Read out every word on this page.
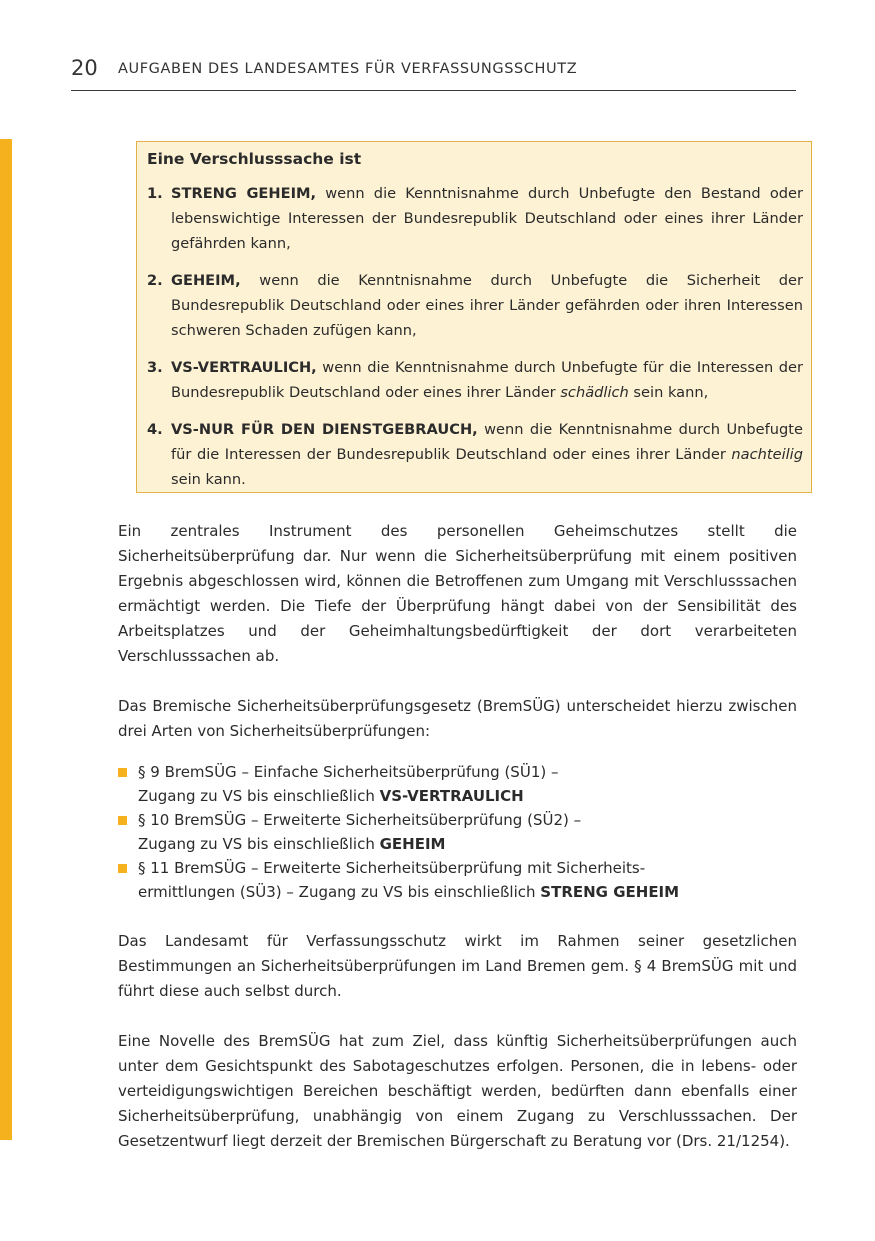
20 AUFGABEN DES LANDESAMTES FÜR VERFASSUNGSSCHUTZ

Eine Verschlusssache ist

1. STRENG GEHEIM, wenn die Kenntnisnahme durch Unbefugte den Bestand oder lebenswichtige Interessen der Bundesrepublik Deutschland oder eines ihrer Länder gefährden kann,
2. GEHEIM, wenn die Kenntnisnahme durch Unbefugte die Sicherheit der Bundesrepublik Deutschland oder eines ihrer Länder gefährden oder ihren Interessen schweren Schaden zufügen kann,
3. VS-VERTRAULICH, wenn die Kenntnisnahme durch Unbefugte für die Interessen der Bundesrepublik Deutschland oder eines ihrer Länder schädlich sein kann,
4. VS-NUR FÜR DEN DIENSTGEBRAUCH, wenn die Kenntnisnahme durch Unbefugte für die Interessen der Bundesrepublik Deutschland oder eines ihrer Länder nachteilig sein kann.

Ein zentrales Instrument des personellen Geheimschutzes stellt die Sicherheitsüberprüfung dar. Nur wenn die Sicherheitsüberprüfung mit einem positiven Ergebnis abgeschlossen wird, können die Betroffenen zum Umgang mit Verschlusssachen ermächtigt werden. Die Tiefe der Überprüfung hängt dabei von der Sensibilität des Arbeitsplatzes und der Geheimhaltungsbedürftigkeit der dort verarbeiteten Verschlusssachen ab.

Das Bremische Sicherheitsüberprüfungsgesetz (BremSÜG) unterscheidet hierzu zwischen drei Arten von Sicherheitsüberprüfungen:

§ 9 BremSÜG – Einfache Sicherheitsüberprüfung (SÜ1) –
Zugang zu VS bis einschließlich VS-VERTRAULICH
§ 10 BremSÜG – Erweiterte Sicherheitsüberprüfung (SÜ2) –
Zugang zu VS bis einschließlich GEHEIM
§ 11 BremSÜG – Erweiterte Sicherheitsüberprüfung mit Sicherheits-
ermittlungen (SÜ3) – Zugang zu VS bis einschließlich STRENG GEHEIM

Das Landesamt für Verfassungsschutz wirkt im Rahmen seiner gesetzlichen Bestimmungen an Sicherheitsüberprüfungen im Land Bremen gem. § 4 BremSÜG mit und führt diese auch selbst durch.

Eine Novelle des BremSÜG hat zum Ziel, dass künftig Sicherheitsüberprüfungen auch unter dem Gesichtspunkt des Sabotageschutzes erfolgen. Personen, die in lebens- oder verteidigungswichtigen Bereichen beschäftigt werden, bedürften dann ebenfalls einer Sicherheitsüberprüfung, unabhängig von einem Zugang zu Verschlusssachen. Der Gesetzentwurf liegt derzeit der Bremischen Bürgerschaft zu Beratung vor (Drs. 21/1254).
